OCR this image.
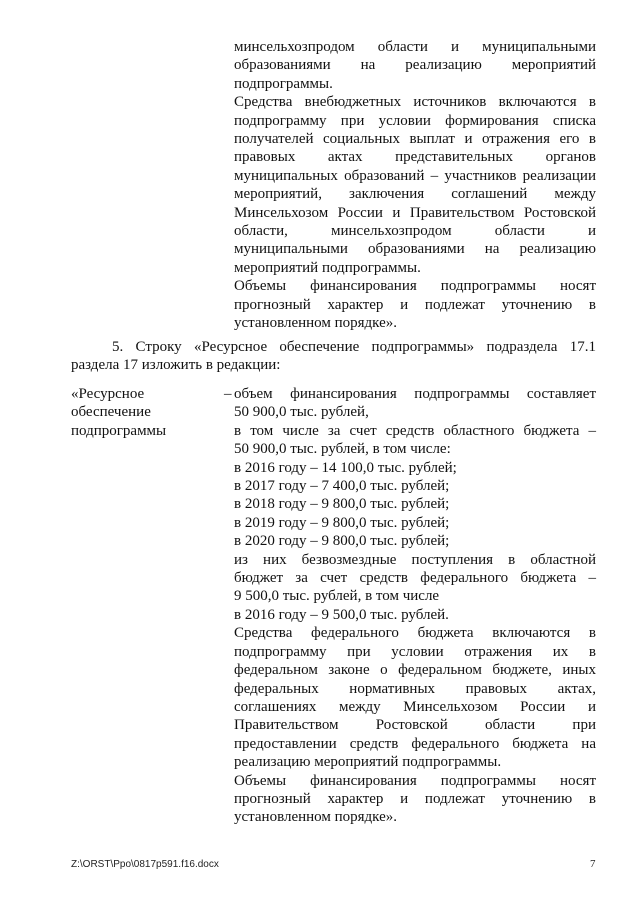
минсельхозпродом области и муниципальными
образованиями на реализацию мероприятий
подпрограммы.
Средства внебюджетных источников включаются в
подпрограмму при условии формирования списка
получателей социальных выплат и отражения его в
правовых актах представительных органов
муниципальных образований – участников реализации
мероприятий, заключения соглашений между
Минсельхозом России и Правительством Ростовской
области, минсельхозпродом области и
муниципальными образованиями на реализацию
мероприятий подпрограммы.
Объемы финансирования подпрограммы носят
прогнозный характер и подлежат уточнению в
установленном порядке».
5. Строку «Ресурсное обеспечение подпрограммы» подраздела 17.1
раздела 17 изложить в редакции:
«Ресурсное
обеспечение
подпрограммы
– объем финансирования подпрограммы составляет
50 900,0 тыс. рублей,
в том числе за счет средств областного бюджета –
50 900,0 тыс. рублей, в том числе:
в 2016 году – 14 100,0 тыс. рублей;
в 2017 году – 7 400,0 тыс. рублей;
в 2018 году – 9 800,0 тыс. рублей;
в 2019 году – 9 800,0 тыс. рублей;
в 2020 году – 9 800,0 тыс. рублей;
из них безвозмездные поступления в областной
бюджет за счет средств федерального бюджета –
9 500,0 тыс. рублей, в том числе
в 2016 году – 9 500,0 тыс. рублей.
Средства федерального бюджета включаются в
подпрограмму при условии отражения их в
федеральном законе о федеральном бюджете, иных
федеральных нормативных правовых актах,
соглашениях между Минсельхозом России и
Правительством Ростовской области при
предоставлении средств федерального бюджета на
реализацию мероприятий подпрограммы.
Объемы финансирования подпрограммы носят
прогнозный характер и подлежат уточнению в
установленном порядке».
Z:\ORST\Ppo\0817p591.f16.docx	7
